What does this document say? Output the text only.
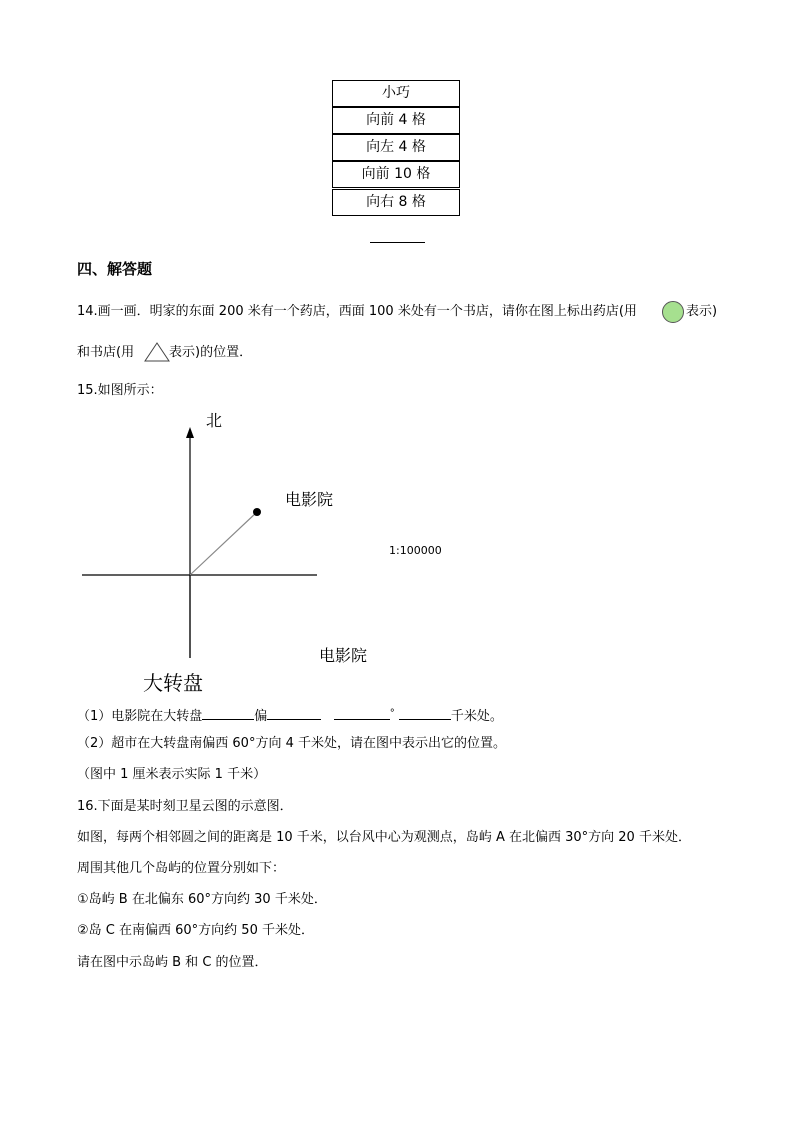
小巧
向前 4 格
向左 4 格
向前 10 格
向右 8 格
四、解答题
14.画一画．明家的东面 200 米有一个药店，西面 100 米处有一个书店，请你在图上标出药店(用	表示)
和书店(用	表示)的位置．
15.如图所示：
北
电影院
1:100000
电影院
大转盘
（1）电影院在大转盘	偏	°	千米处。
（2）超市在大转盘南偏西 60°方向 4 千米处，请在图中表示出它的位置。
（图中 1 厘米表示实际 1 千米）
16.下面是某时刻卫星云图的示意图．
如图，每两个相邻圆之间的距离是 10 千米，以台风中心为观测点，岛屿 A 在北偏西 30°方向 20 千米处．
周围其他几个岛屿的位置分别如下：
①岛屿 B 在北偏东 60°方向约 30 千米处．
②岛 C 在南偏西 60°方向约 50 千米处．
请在图中示岛屿 B 和 C 的位置．
